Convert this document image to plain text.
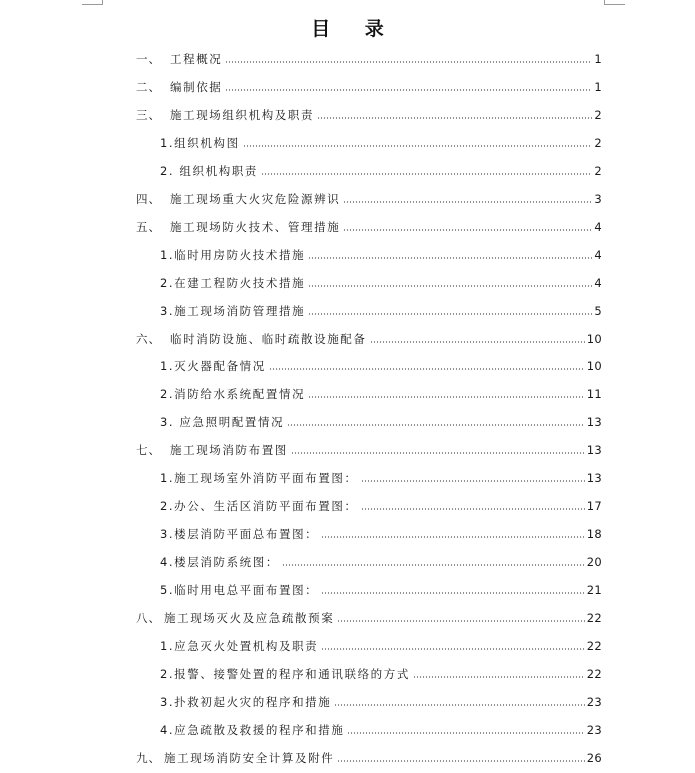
目 录
一、 工程概况	1
二、 编制依据	1
三、 施工现场组织机构及职责	2
1.组织机构图	2
2. 组织机构职责	2
四、 施工现场重大火灾危险源辨识	3
五、 施工现场防火技术、管理措施	4
1.临时用房防火技术措施	4
2.在建工程防火技术措施	4
3.施工现场消防管理措施	5
六、 临时消防设施、临时疏散设施配备	10
1.灭火器配备情况	10
2.消防给水系统配置情况	11
3. 应急照明配置情况	13
七、 施工现场消防布置图	13
1.施工现场室外消防平面布置图：	13
2.办公、生活区消防平面布置图：	17
3.楼层消防平面总布置图：	18
4.楼层消防系统图：	20
5.临时用电总平面布置图：	21
八、 施工现场灭火及应急疏散预案	22
1.应急灭火处置机构及职责	22
2.报警、接警处置的程序和通讯联络的方式	22
3.扑救初起火灾的程序和措施	23
4.应急疏散及救援的程序和措施	23
九、 施工现场消防安全计算及附件	26
